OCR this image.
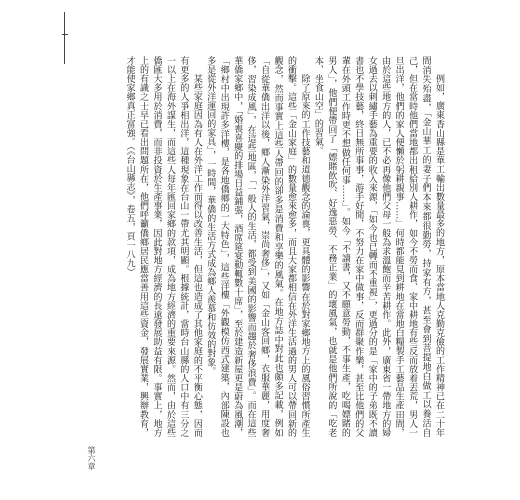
例如，廣東香山縣是華工輸出數量最多的地方，原本當地人克勤克儉的工作精神已在二十年間消失殆盡，「金山華工的妻子們本來都很勤勞，持家有方，甚至會到菩提地白做工以養活自己，但在當時他們當地都出租給別人耕作，如今不勞而食、家中耕地有些反而放着丟荒，男人一旦出洋，他們的家人便懶於躬耕親事……」何時都能見到耕地在當地白糧製手工藝品生產田間，由於這些地方的人，已不必再像他們父母一般為求溫飽而辛苦耕作。此外，廣東省一帶地方的婦女過去以刺繡手藝為重要的收入來源，「如今也已轉而不重視」，更過分的是「家中的子弟既不讀書也不學技藝，終日無所事事，游手好閒，不努力在家中做事，反而群聚作樂，甚至比他們的父輩在外頭工作時更不想做任何事……」。如今「不讀書，又不願意勞動，不事生產，吃喝嫖賭的男人」，他們便帶回了「嫖賭飲吹、好逸惡勞、不務正業」的壞風氣，也就是他們所說的「吃老本、坐食山空」的習氣。

除了原來的工作技藝和道德觀念的淪喪，更具體的影響在於對家鄉地方上的風俗習慣所產生的衝擊。這些「金山家庭」的數量愈來愈多，而且大家都相信在外洋生活過的男人可以帶回新的觀念，然而事實上這些人帶回的卻多是消費和享樂的風氣。在地方誌中對此也頗多記載，例如「自從華僑出洋以後，鄉人漸染外洋習氣，崇尚奢侈」，又如「金山客回鄉，衣服華麗，用度奢侈，習染成風」，在這些地區，「一般人的生活，都受到美國的影響而趨於奢侈浪費」。而在這些華僑家鄉中，「婚喪喜慶的排場日益鋪張，酒席筵宴動輒數十席」，至於建造新屋更是蔚為風潮，「鄉村中出現許多洋樓，是各地僑鄉的一大特色」，這些洋樓「外觀模仿西式建築，內部陳設也多是從外洋運回的家具」，一時間，華僑的生活方式成為鄉人羨慕和仿效的對象。

某些家庭因為有人在外洋工作而得以改善生活，但這也造成了其他家庭的不平衡心態，因而有更多的人爭相出洋，這種現象在台山一帶尤其明顯。根據統計，當時台山縣的人口中有三分之一以上在海外謀生，而這些人每年匯回家鄉的款項，成為地方經濟的重要來源。然而，由於這些僑匯大多用於消費，而非投資於生產事業，因此對地方經濟的長遠發展助益有限。事實上，地方上的有識之士早已看出問題所在，他們呼籲僑鄉居民應當善用這些資金，發展實業，興辦教育，才能使家鄉真正富強。（《台山縣志》，卷五，頁一八九）

第六章
